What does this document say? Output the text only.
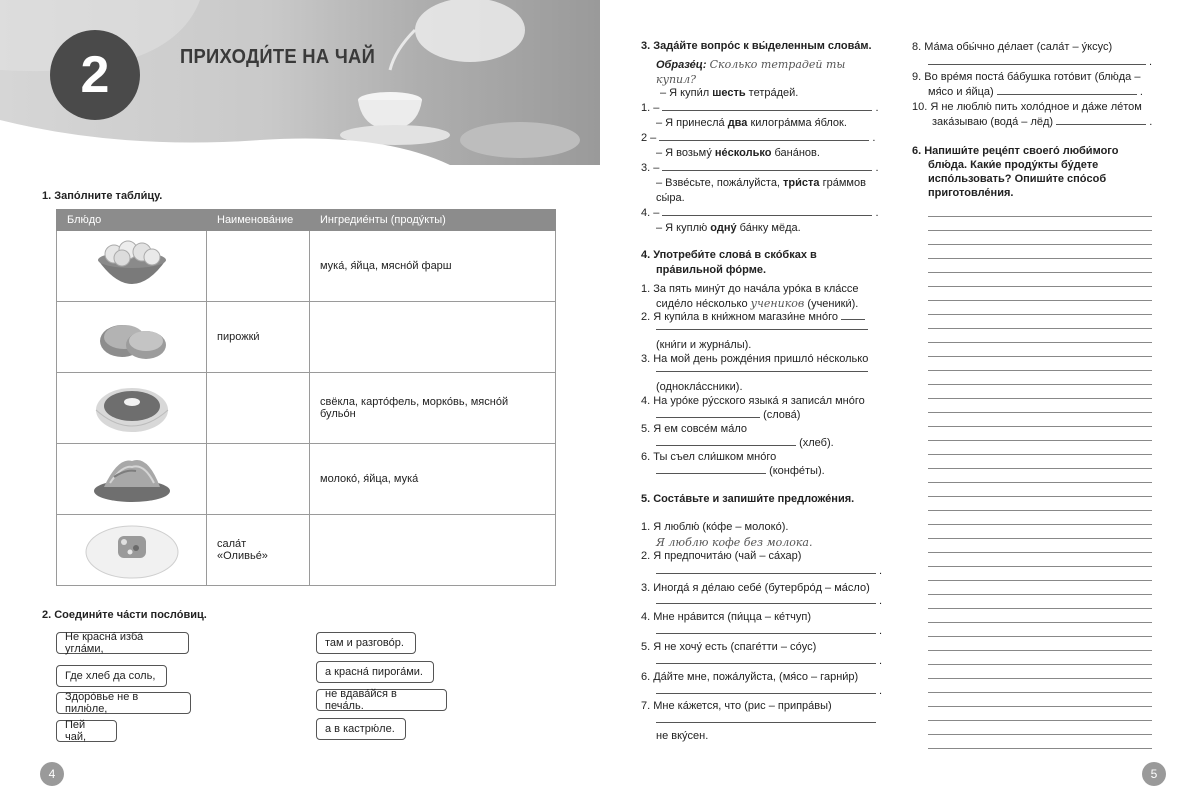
2	ПРИХОДИ́ТЕ НА ЧАЙ
1. Запо́лните табли́цу.
Блю́до	Наименова́ние	Ингредие́нты (проду́кты)
		мука́, я́йца, мясно́й фарш
	пирожки́	
		свёкла, карто́фель, морко́вь, мясно́й бульо́н
		молоко́, я́йца, мука́
	сала́т «Оливье́»	
2. Соедини́те ча́сти посло́виц.
Не красна́ изба́ угла́ми,
Где хлеб да соль,
Здоро́вье не в пилю́ле,
Пей чай,
там и разгово́р.
а красна́ пирога́ми.
не вдава́йся в печа́ль.
а в кастрю́ле.
4
3. Зада́йте вопро́с к вы́деленным слова́м.
Образе́ц: Сколько тетрадей ты
купил?
– Я купи́л шесть тетра́дей.
1. –	.
– Я принесла́ два килогра́мма я́блок.
2 –	.
– Я возьму́ не́сколько бана́нов.
3. –	.
– Взве́сьте, пожа́луйста, три́ста гра́ммов
сы́ра.
4. –	.
– Я куплю́ одну́ ба́нку мёда.
4. Употреби́те слова́ в ско́бках в
пра́вильной фо́рме.
1. За пять мину́т до нача́ла уро́ка в кла́ссе
сиде́ло не́сколько учеников (ученики́).
2. Я купи́ла в кни́жном магази́не мно́го
(кни́ги и журна́лы).
3. На мой день рожде́ния пришло́ не́сколько
(однокла́ссники).
4. На уро́ке ру́сского языка́ я записа́л мно́го
(слова́)
5. Я ем совсе́м ма́ло
(хлеб).
6. Ты съел сли́шком мно́го
(конфе́ты).
5. Соста́вьте и запиши́те предложе́ния.
1. Я люблю́ (ко́фе – молоко́).
Я люблю кофе без молока.
2. Я предпочита́ю (чай – са́хар)
.
3. Иногда́ я де́лаю себе́ (бутербро́д – ма́сло)
.
4. Мне нра́вится (пи́цца – ке́тчуп)
.
5. Я не хочу́ есть (спаге́тти – со́ус)
.
6. Да́йте мне, пожа́луйста, (мя́со – гарни́р)
.
7. Мне ка́жется, что (рис – припра́вы)
не вку́сен.
8. Ма́ма обы́чно де́лает (сала́т – у́ксус)
.
9. Во вре́мя поста́ ба́бушка гото́вит (блю́да –
мя́со и я́йца)	.
10. Я не люблю́ пить холо́дное и да́же ле́том
зака́зываю (вода́ – лёд)	.
6. Напиши́те реце́пт своего́ люби́мого
блю́да. Каки́е проду́кты бу́дете
испо́льзовать? Опиши́те спо́соб
приготовле́ния.
5
